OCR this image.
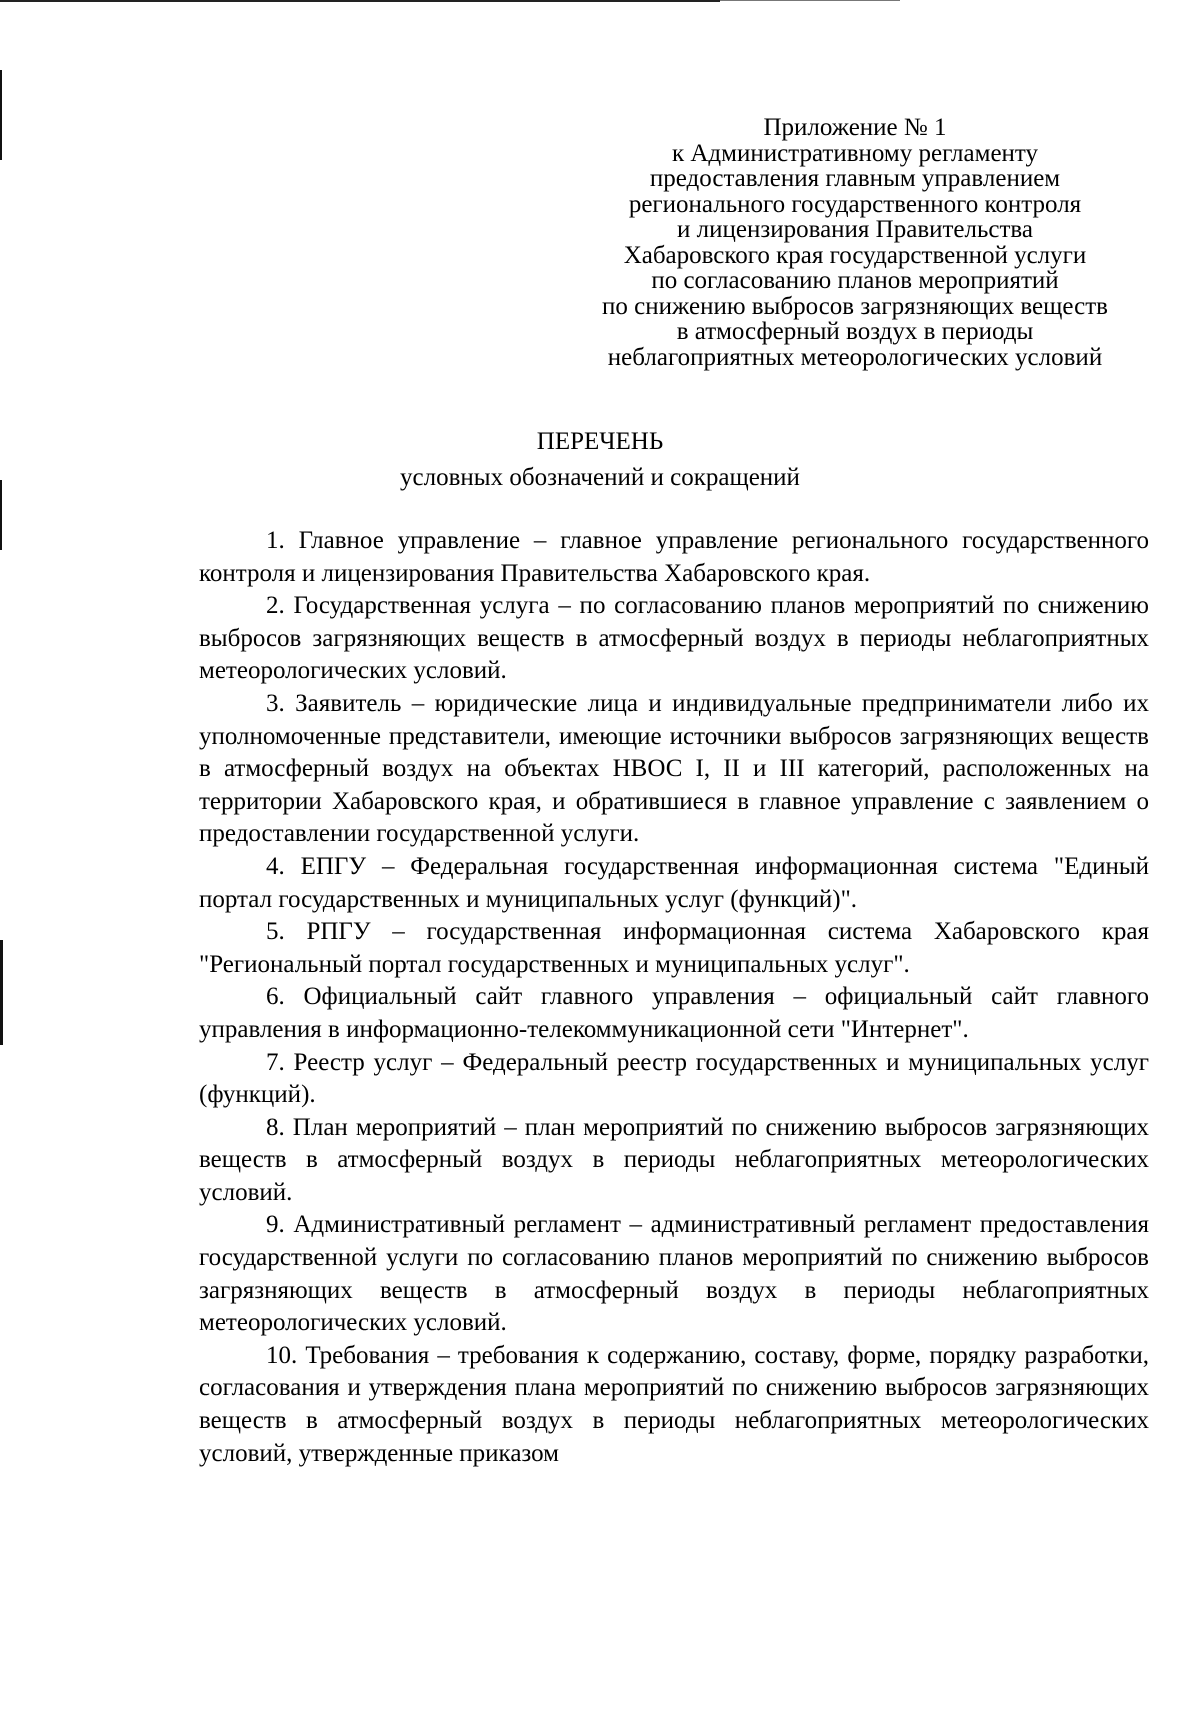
Приложение № 1
к Административному регламенту
предоставления главным управлением
регионального государственного контроля
и лицензирования Правительства
Хабаровского края государственной услуги
по согласованию планов мероприятий
по снижению выбросов загрязняющих веществ
в атмосферный воздух в периоды
неблагоприятных метеорологических условий
ПЕРЕЧЕНЬ
условных обозначений и сокращений

1. Главное управление – главное управление регионального государственного контроля и лицензирования Правительства Хабаровского края.

2. Государственная услуга – по согласованию планов мероприятий по снижению выбросов загрязняющих веществ в атмосферный воздух в периоды неблагоприятных метеорологических условий.

3. Заявитель – юридические лица и индивидуальные предприниматели либо их уполномоченные представители, имеющие источники выбросов загрязняющих веществ в атмосферный воздух на объектах НВОС I, II и III категорий, расположенных на территории Хабаровского края, и обратившиеся в главное управление с заявлением о предоставлении государственной услуги.

4. ЕПГУ – Федеральная государственная информационная система "Единый портал государственных и муниципальных услуг (функций)".

5. РПГУ – государственная информационная система Хабаровского края "Региональный портал государственных и муниципальных услуг".

6. Официальный сайт главного управления – официальный сайт главного управления в информационно-телекоммуникационной сети "Интернет".

7. Реестр услуг – Федеральный реестр государственных и муниципальных услуг (функций).

8. План мероприятий – план мероприятий по снижению выбросов загрязняющих веществ в атмосферный воздух в периоды неблагоприятных метеорологических условий.

9. Административный регламент – административный регламент предоставления государственной услуги по согласованию планов мероприятий по снижению выбросов загрязняющих веществ в атмосферный воздух в периоды неблагоприятных метеорологических условий.

10. Требования – требования к содержанию, составу, форме, порядку разработки, согласования и утверждения плана мероприятий по снижению выбросов загрязняющих веществ в атмосферный воздух в периоды неблагоприятных метеорологических условий, утвержденные приказом
